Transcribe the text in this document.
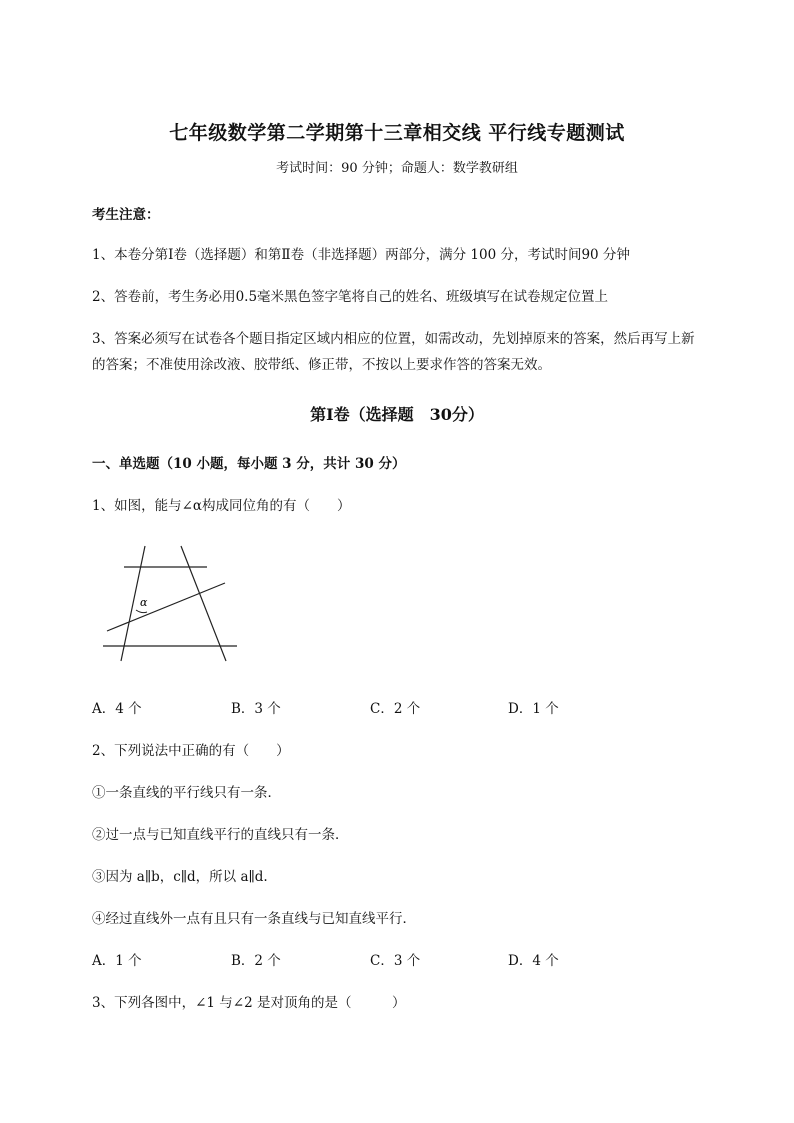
七年级数学第二学期第十三章相交线 平行线专题测试
考试时间：90 分钟；命题人：数学教研组
考生注意：
1、本卷分第Ⅰ卷（选择题）和第Ⅱ卷（非选择题）两部分，满分 100 分，考试时间90 分钟
2、答卷前，考生务必用0.5毫米黑色签字笔将自己的姓名、班级填写在试卷规定位置上
3、答案必须写在试卷各个题目指定区域内相应的位置，如需改动，先划掉原来的答案，然后再写上新
的答案；不准使用涂改液、胶带纸、修正带，不按以上要求作答的答案无效。
第Ⅰ卷（选择题　30分）
一、单选题（10 小题，每小题 3 分，共计 30 分）
1、如图，能与∠α构成同位角的有（　　）
α
A．4 个	B．3 个	C．2 个	D．1 个
2、下列说法中正确的有（　　）
①一条直线的平行线只有一条．
②过一点与已知直线平行的直线只有一条．
③因为 a∥b，c∥d，所以 a∥d.
④经过直线外一点有且只有一条直线与已知直线平行．
A．1 个	B．2 个	C．3 个	D．4 个
3、下列各图中，∠1 与∠2 是对顶角的是（　　　）
